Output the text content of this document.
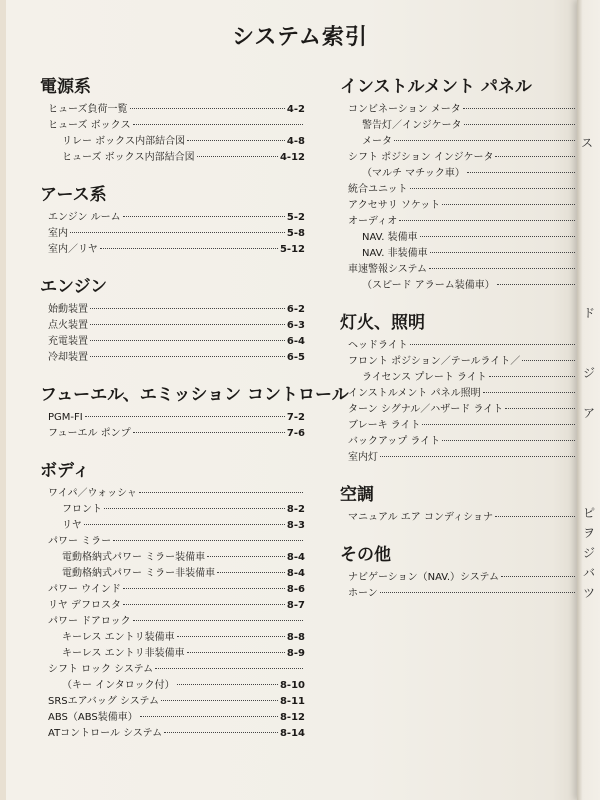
ス
ド
ジ
ア
ピ
ヲ
ジ
バ
ツ
システム索引
電源系
ヒューズ負荷一覧	4-2
ヒューズ ボックス
リレー ボックス内部結合図	4-8
ヒューズ ボックス内部結合図	4-12
アース系
エンジン ルーム	5-2
室内	5-8
室内／リヤ	5-12
エンジン
始動装置	6-2
点火装置	6-3
充電装置	6-4
冷却装置	6-5
フューエル、エミッション コントロール
PGM-FI	7-2
フューエル ポンプ	7-6
ボディ
ワイパ／ウォッシャ
フロント	8-2
リヤ	8-3
パワー ミラー
電動格納式パワー ミラー装備車	8-4
電動格納式パワー ミラー非装備車	8-4
パワー ウインド	8-6
リヤ デフロスタ	8-7
パワー ドアロック
キーレス エントリ装備車	8-8
キーレス エントリ非装備車	8-9
シフト ロック システム
（キー インタロック付）	8-10
SRSエアバッグ システム	8-11
ABS（ABS装備車）	8-12
ATコントロール システム	8-14
インストルメント パネル
コンビネーション メータ
警告灯／インジケータ
メータ
シフト ポジション インジケータ
（マルチ マチック車）
統合ユニット
アクセサリ ソケット
オーディオ
NAV. 装備車
NAV. 非装備車
車速警報システム
（スピード アラーム装備車）
灯火、照明
ヘッドライト
フロント ポジション／テールライト／
ライセンス プレート ライト
インストルメント パネル照明
ターン シグナル／ハザード ライト
ブレーキ ライト
バックアップ ライト
室内灯
空調
マニュアル エア コンディショナ
その他
ナビゲーション（NAV.）システム
ホーン
